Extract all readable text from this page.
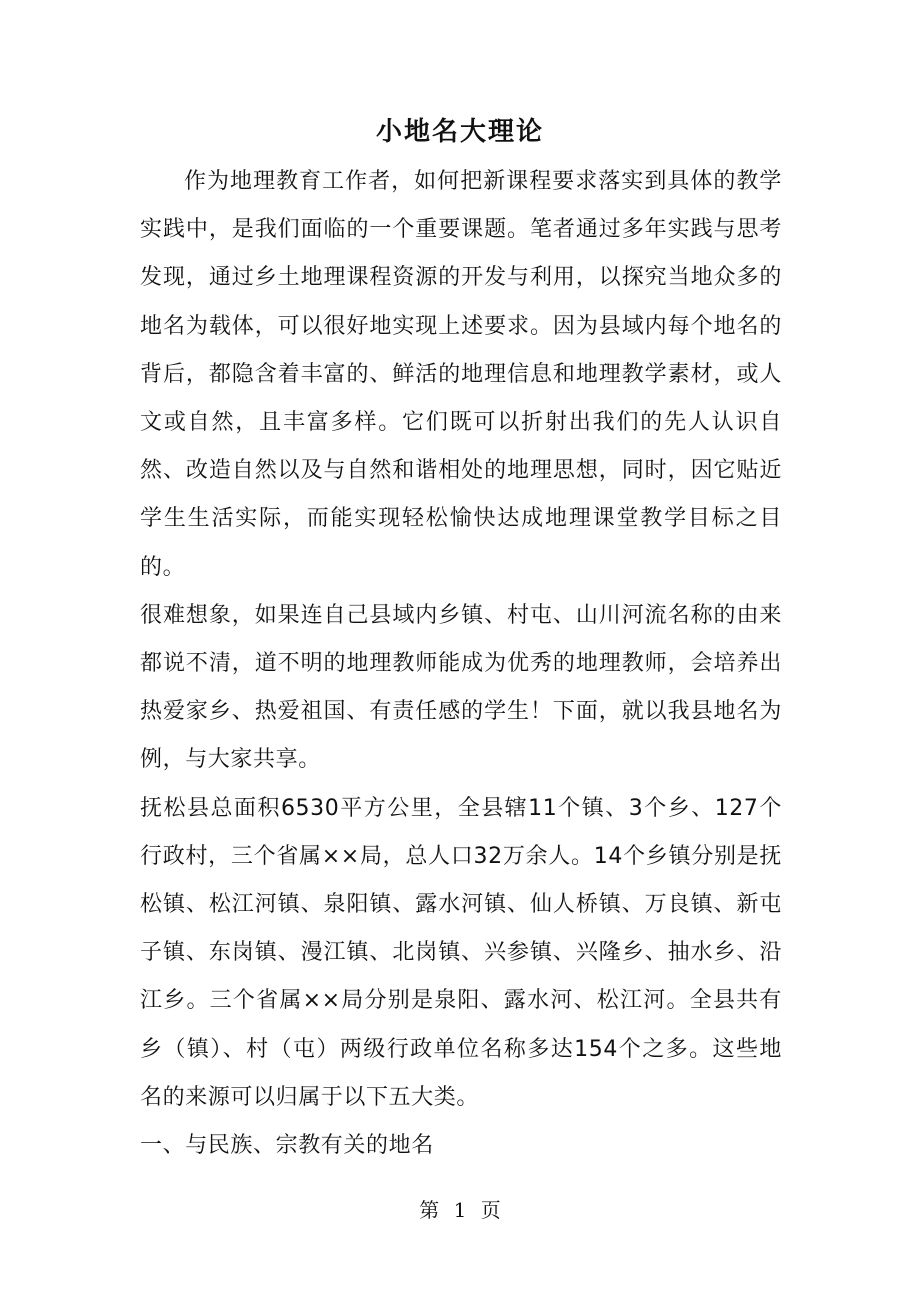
小地名大理论

作为地理教育工作者，如何把新课程要求落实到具体的教学实践中，是我们面临的一个重要课题。笔者通过多年实践与思考发现，通过乡土地理课程资源的开发与利用，以探究当地众多的地名为载体，可以很好地实现上述要求。因为县域内每个地名的背后，都隐含着丰富的、鲜活的地理信息和地理教学素材，或人文或自然，且丰富多样。它们既可以折射出我们的先人认识自然、改造自然以及与自然和谐相处的地理思想，同时，因它贴近学生生活实际，而能实现轻松愉快达成地理课堂教学目标之目的。

很难想象，如果连自己县域内乡镇、村屯、山川河流名称的由来都说不清，道不明的地理教师能成为优秀的地理教师，会培养出热爱家乡、热爱祖国、有责任感的学生！下面，就以我县地名为例，与大家共享。

抚松县总面积6530平方公里，全县辖11个镇、3个乡、127个行政村，三个省属××局，总人口32万余人。14个乡镇分别是抚松镇、松江河镇、泉阳镇、露水河镇、仙人桥镇、万良镇、新屯子镇、东岗镇、漫江镇、北岗镇、兴参镇、兴隆乡、抽水乡、沿江乡。三个省属××局分别是泉阳、露水河、松江河。全县共有乡（镇）、村（屯）两级行政单位名称多达154个之多。这些地名的来源可以归属于以下五大类。

一、与民族、宗教有关的地名
第 1 页
